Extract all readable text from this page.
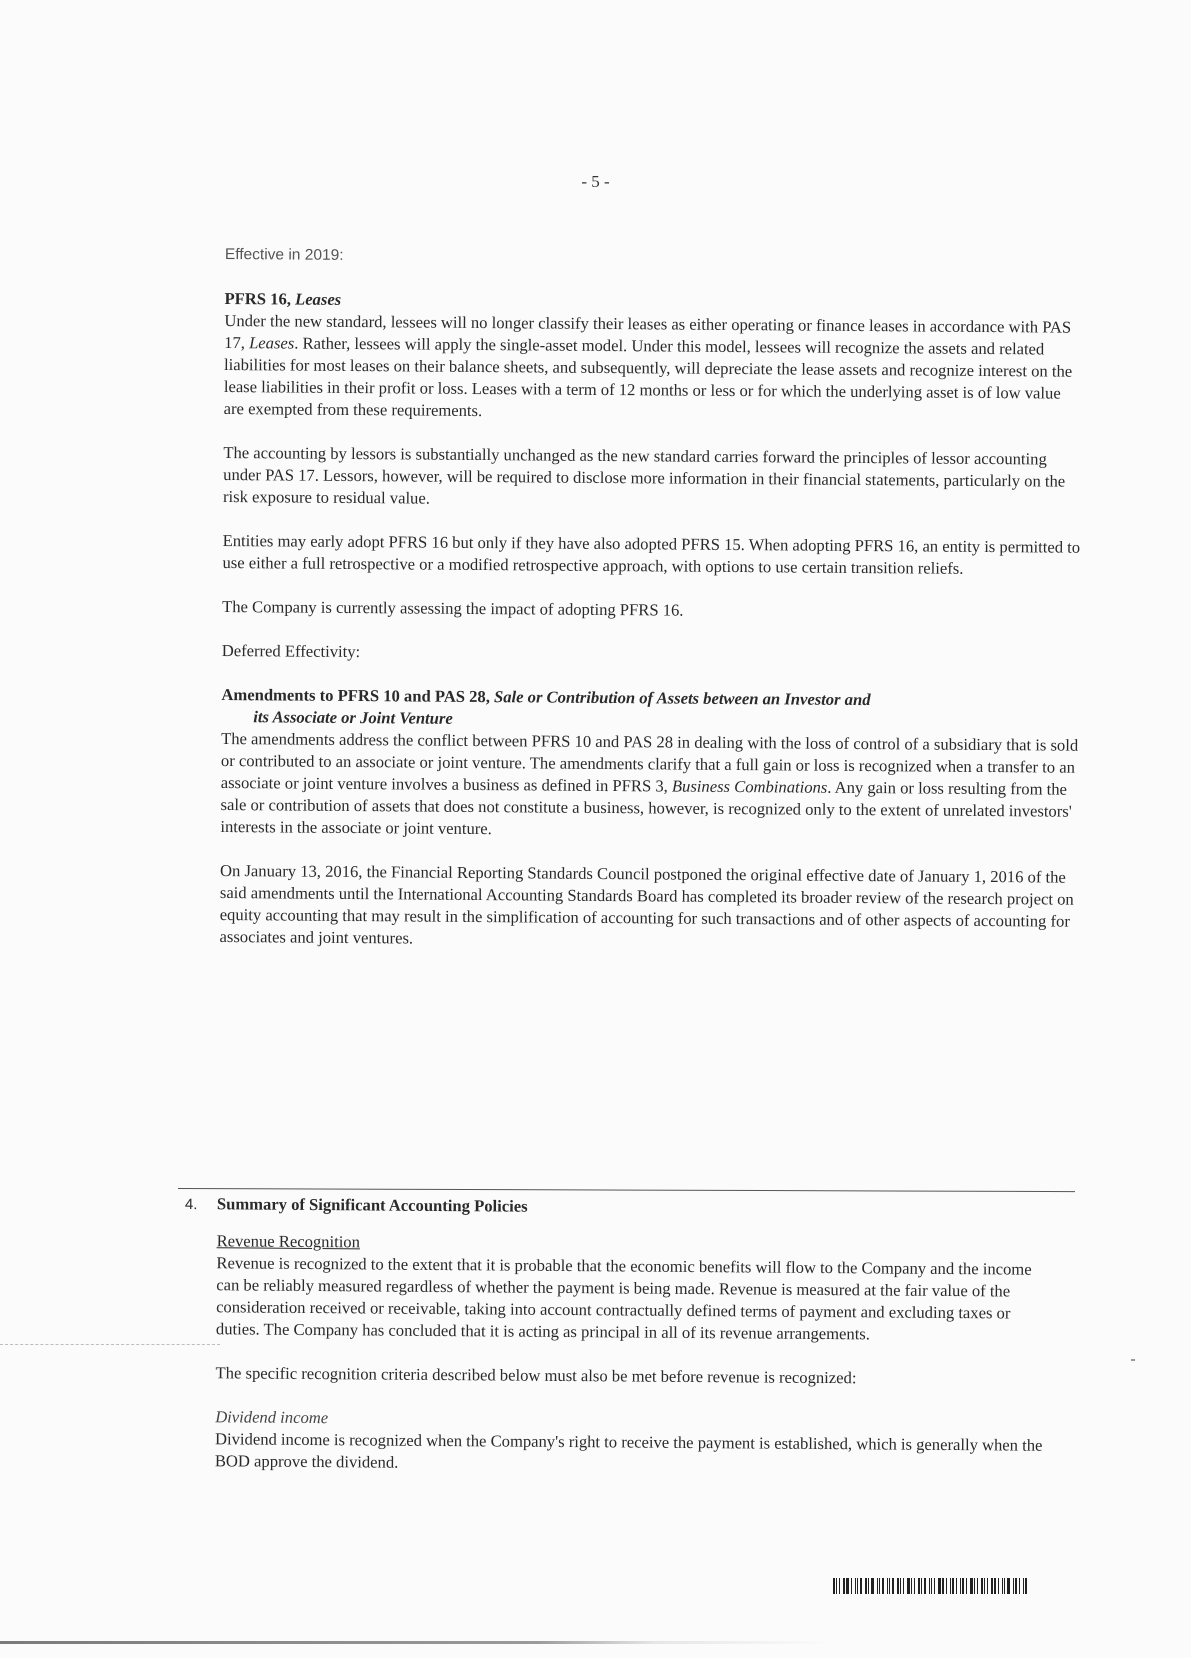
- 5 -

Effective in 2019:

PFRS 16, Leases

Under the new standard, lessees will no longer classify their leases as either operating or finance leases in accordance with PAS 17, Leases. Rather, lessees will apply the single-asset model. Under this model, lessees will recognize the assets and related liabilities for most leases on their balance sheets, and subsequently, will depreciate the lease assets and recognize interest on the lease liabilities in their profit or loss. Leases with a term of 12 months or less or for which the underlying asset is of low value are exempted from these requirements.

The accounting by lessors is substantially unchanged as the new standard carries forward the principles of lessor accounting under PAS 17. Lessors, however, will be required to disclose more information in their financial statements, particularly on the risk exposure to residual value.

Entities may early adopt PFRS 16 but only if they have also adopted PFRS 15. When adopting PFRS 16, an entity is permitted to use either a full retrospective or a modified retrospective approach, with options to use certain transition reliefs.

The Company is currently assessing the impact of adopting PFRS 16.

Deferred Effectivity:

Amendments to PFRS 10 and PAS 28, Sale or Contribution of Assets between an Investor and
its Associate or Joint Venture

The amendments address the conflict between PFRS 10 and PAS 28 in dealing with the loss of control of a subsidiary that is sold or contributed to an associate or joint venture. The amendments clarify that a full gain or loss is recognized when a transfer to an associate or joint venture involves a business as defined in PFRS 3, Business Combinations. Any gain or loss resulting from the sale or contribution of assets that does not constitute a business, however, is recognized only to the extent of unrelated investors' interests in the associate or joint venture.

On January 13, 2016, the Financial Reporting Standards Council postponed the original effective date of January 1, 2016 of the said amendments until the International Accounting Standards Board has completed its broader review of the research project on equity accounting that may result in the simplification of accounting for such transactions and of other aspects of accounting for associates and joint ventures.

4. Summary of Significant Accounting Policies

Revenue Recognition

Revenue is recognized to the extent that it is probable that the economic benefits will flow to the Company and the income can be reliably measured regardless of whether the payment is being made. Revenue is measured at the fair value of the consideration received or receivable, taking into account contractually defined terms of payment and excluding taxes or duties. The Company has concluded that it is acting as principal in all of its revenue arrangements.

The specific recognition criteria described below must also be met before revenue is recognized:

Dividend income

Dividend income is recognized when the Company's right to receive the payment is established, which is generally when the BOD approve the dividend.
